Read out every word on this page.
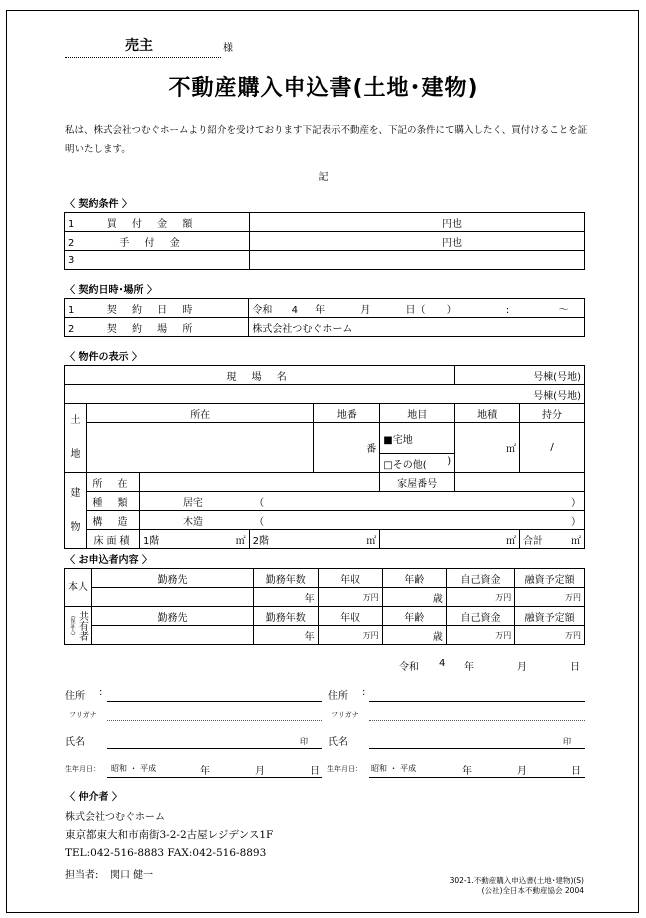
売主	様
不動産購入申込書(土地･建物)
私は、株式会社つむぐホームより紹介を受けております下記表示不動産を、下記の条件にて購入したく、買付けることを証明いたします。
記
〈 契約条件 〉
1 買 付 金 額	円也
2 手 付 金	円也
3	
〈 契約日時･場所 〉
1 契 約 日 時	令和 4 年 月 日（ ） : ～
2 契 約 場 所	株式会社つむぐホーム
〈 物件の表示 〉
現 場 名						号棟(号地)	
号棟(号地)							
土
地	所在			地番	地目	地積	持分
				番	■宅地	㎡	/
					□その他( )		

建
物	所 在				家屋番号		
	種 類	居宅 （ ）					

	構 造	木造 （ ）					

	床面積	1階 ㎡	2階 ㎡		㎡		合計 ㎡
〈 お申込者内容 〉
本人	勤務先	勤務年数	年収	年齢	自己資金	融資予定額
		年	万円	歳	万円	万円

(保証人) 共有者	勤務先	勤務年数	年収	年齢	自己資金	融資予定額
		年	万円	歳	万円	万円
令和 4 年	月	日
住所 :
フリガナ
氏名	印
生年月日： 昭和 ・ 平成	年	月	日
住所 :
フリガナ
氏名	印
生年月日： 昭和 ・ 平成	年	月	日
〈 仲介者 〉
株式会社つむぐホーム
東京都東大和市南街3-2-2古屋レジデンス1F
TEL:042-516-8883 FAX:042-516-8893
担当者: 関口 健一	302-1.不動産購入申込書(土地･建物)(S)
(公社)全日本不動産協会 2004
